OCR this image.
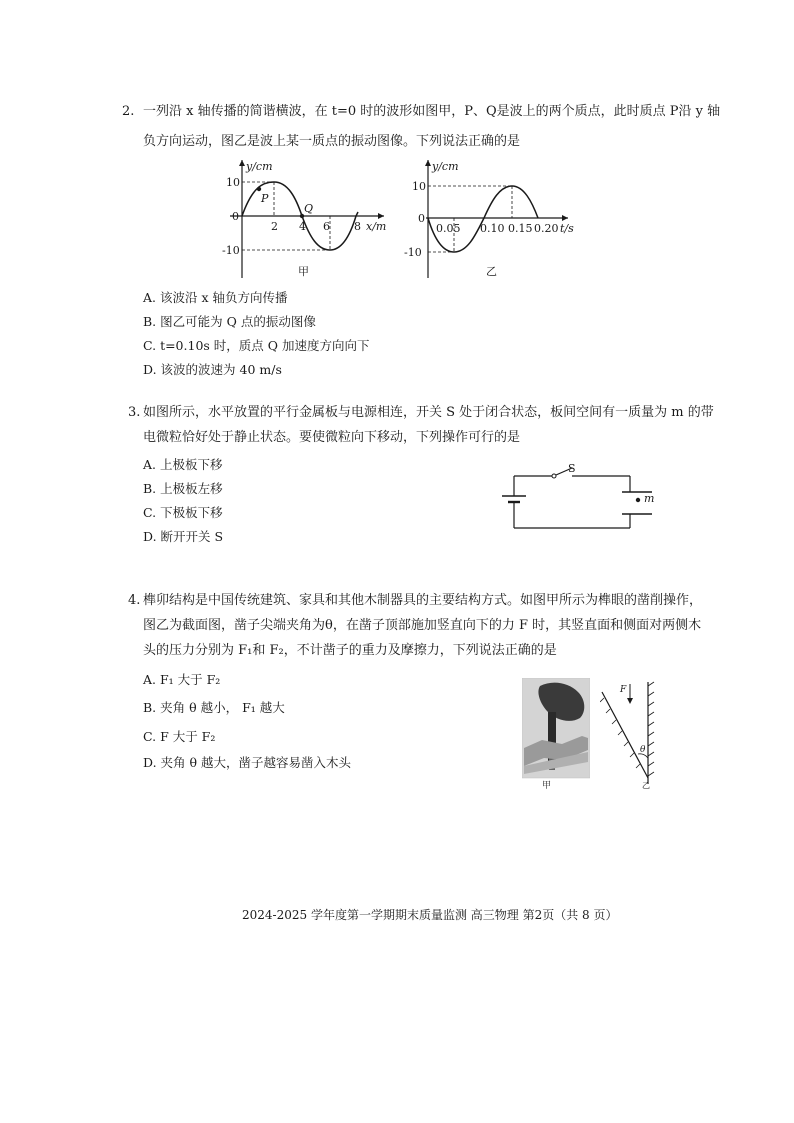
2. 一列沿 x 轴传播的简谐横波，在 t=0 时的波形如图甲，P、Q是波上的两个质点，此时质点 P沿 y 轴
负方向运动，图乙是波上某一质点的振动图像。下列说法正确的是
y/cm
10
0
-10
2 4 6 8 x/m
P
Q
甲
y/cm
10
0
-10
0.05 0.10 0.15 0.20 t/s
乙
A. 该波沿 x 轴负方向传播
B. 图乙可能为 Q 点的振动图像
C. t=0.10s 时，质点 Q 加速度方向向下
D. 该波的波速为 40 m/s
3. 如图所示，水平放置的平行金属板与电源相连，开关 S 处于闭合状态，板间空间有一质量为 m 的带
电微粒恰好处于静止状态。要使微粒向下移动，下列操作可行的是
A. 上极板下移
B. 上极板左移
C. 下极板下移
D. 断开开关 S
S
m
4. 榫卯结构是中国传统建筑、家具和其他木制器具的主要结构方式。如图甲所示为榫眼的凿削操作，
图乙为截面图，凿子尖端夹角为θ，在凿子顶部施加竖直向下的力 F 时，其竖直面和侧面对两侧木
头的压力分别为 F₁和 F₂，不计凿子的重力及摩擦力，下列说法正确的是
A. F₁ 大于 F₂
B. 夹角 θ 越小， F₁ 越大
C. F 大于 F₂
D. 夹角 θ 越大，凿子越容易凿入木头
甲
F
θ
乙
2024-2025 学年度第一学期期末质量监测 高三物理 第2页（共 8 页）
